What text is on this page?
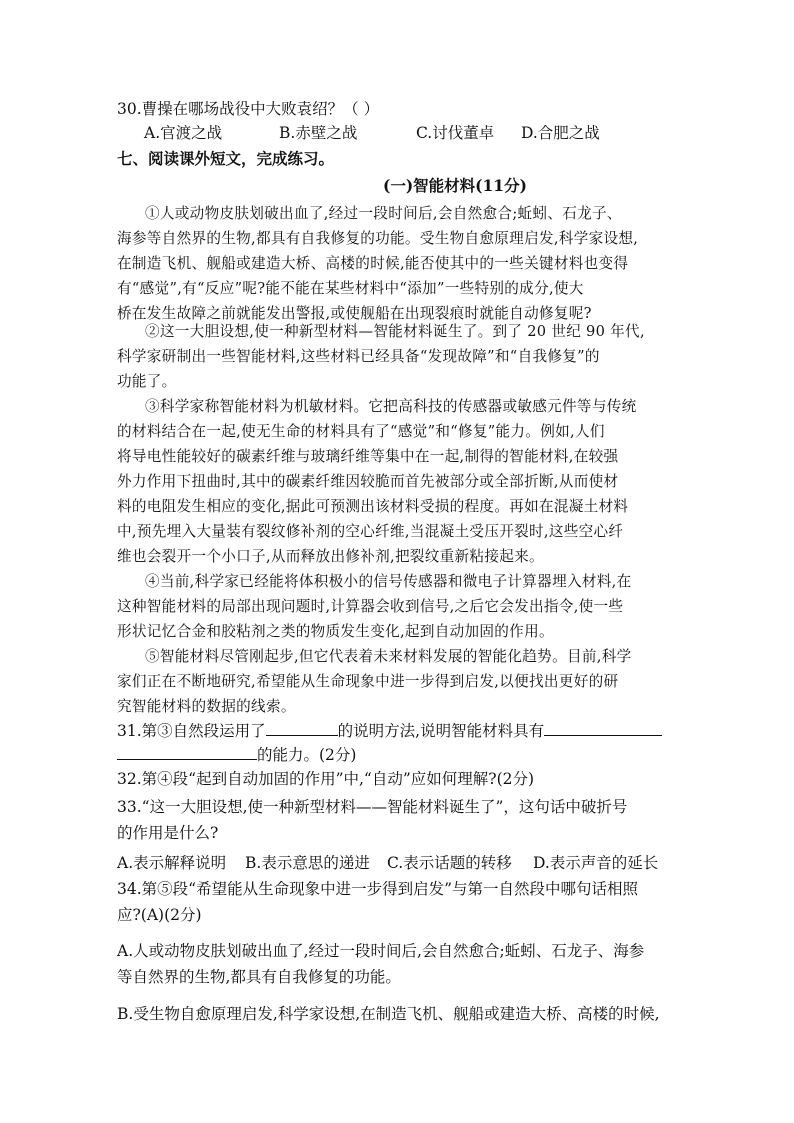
30.曹操在哪场战役中大败袁绍？（ ）
A.官渡之战	B.赤壁之战	C.讨伐董卓 D.合肥之战
七、阅读课外短文，完成练习。
(一)智能材料(11分)
①人或动物皮肤划破出血了,经过一段时间后,会自然愈合;蚯蚓、石龙子、
海参等自然界的生物,都具有自我修复的功能。受生物自愈原理启发,科学家设想,
在制造飞机、舰船或建造大桥、高楼的时候,能否使其中的一些关键材料也变得
有“感觉”,有“反应”呢?能不能在某些材料中“添加”一些特别的成分,使大
桥在发生故障之前就能发出警报,或使舰船在出现裂痕时就能自动修复呢?
②这一大胆设想,使一种新型材料—智能材料诞生了。到了 20 世纪 90 年代,
科学家研制出一些智能材料,这些材料已经具备“发现故障”和“自我修复”的
功能了。
③科学家称智能材料为机敏材料。它把高科技的传感器或敏感元件等与传统
的材料结合在一起,使无生命的材料具有了“感觉”和“修复”能力。例如,人们
将导电性能较好的碳素纤维与玻璃纤维等集中在一起,制得的智能材料,在较强
外力作用下扭曲时,其中的碳素纤维因较脆而首先被部分或全部折断,从而使材
料的电阻发生相应的变化,据此可预测出该材料受损的程度。再如在混凝土材料
中,预先埋入大量装有裂纹修补剂的空心纤维,当混凝土受压开裂时,这些空心纤
维也会裂开一个小口子,从而释放出修补剂,把裂纹重新粘接起来。
④当前,科学家已经能将体积极小的信号传感器和微电子计算器埋入材料,在
这种智能材料的局部出现问题时,计算器会收到信号,之后它会发出指令,使一些
形状记忆合金和胶粘剂之类的物质发生变化,起到自动加固的作用。
⑤智能材料尽管刚起步,但它代表着未来材料发展的智能化趋势。目前,科学
家们正在不断地研究,希望能从生命现象中进一步得到启发,以便找出更好的研
究智能材料的数据的线索。
31.第③自然段运用了	的说明方法,说明智能材料具有
的能力。(2分)
32.第④段“起到自动加固的作用”中,“自动”应如何理解?(2分)
33.“这一大胆设想,使一种新型材料——智能材料诞生了”，这句话中破折号
的作用是什么?
A.表示解释说明 B.表示意思的递进 C.表示话题的转移 D.表示声音的延长
34.第⑤段“希望能从生命现象中进一步得到启发”与第一自然段中哪句话相照
应?(A)(2分)
A.人或动物皮肤划破出血了,经过一段时间后,会自然愈合;蚯蚓、石龙子、海参
等自然界的生物,都具有自我修复的功能。
B.受生物自愈原理启发,科学家设想,在制造飞机、舰船或建造大桥、高楼的时候,
